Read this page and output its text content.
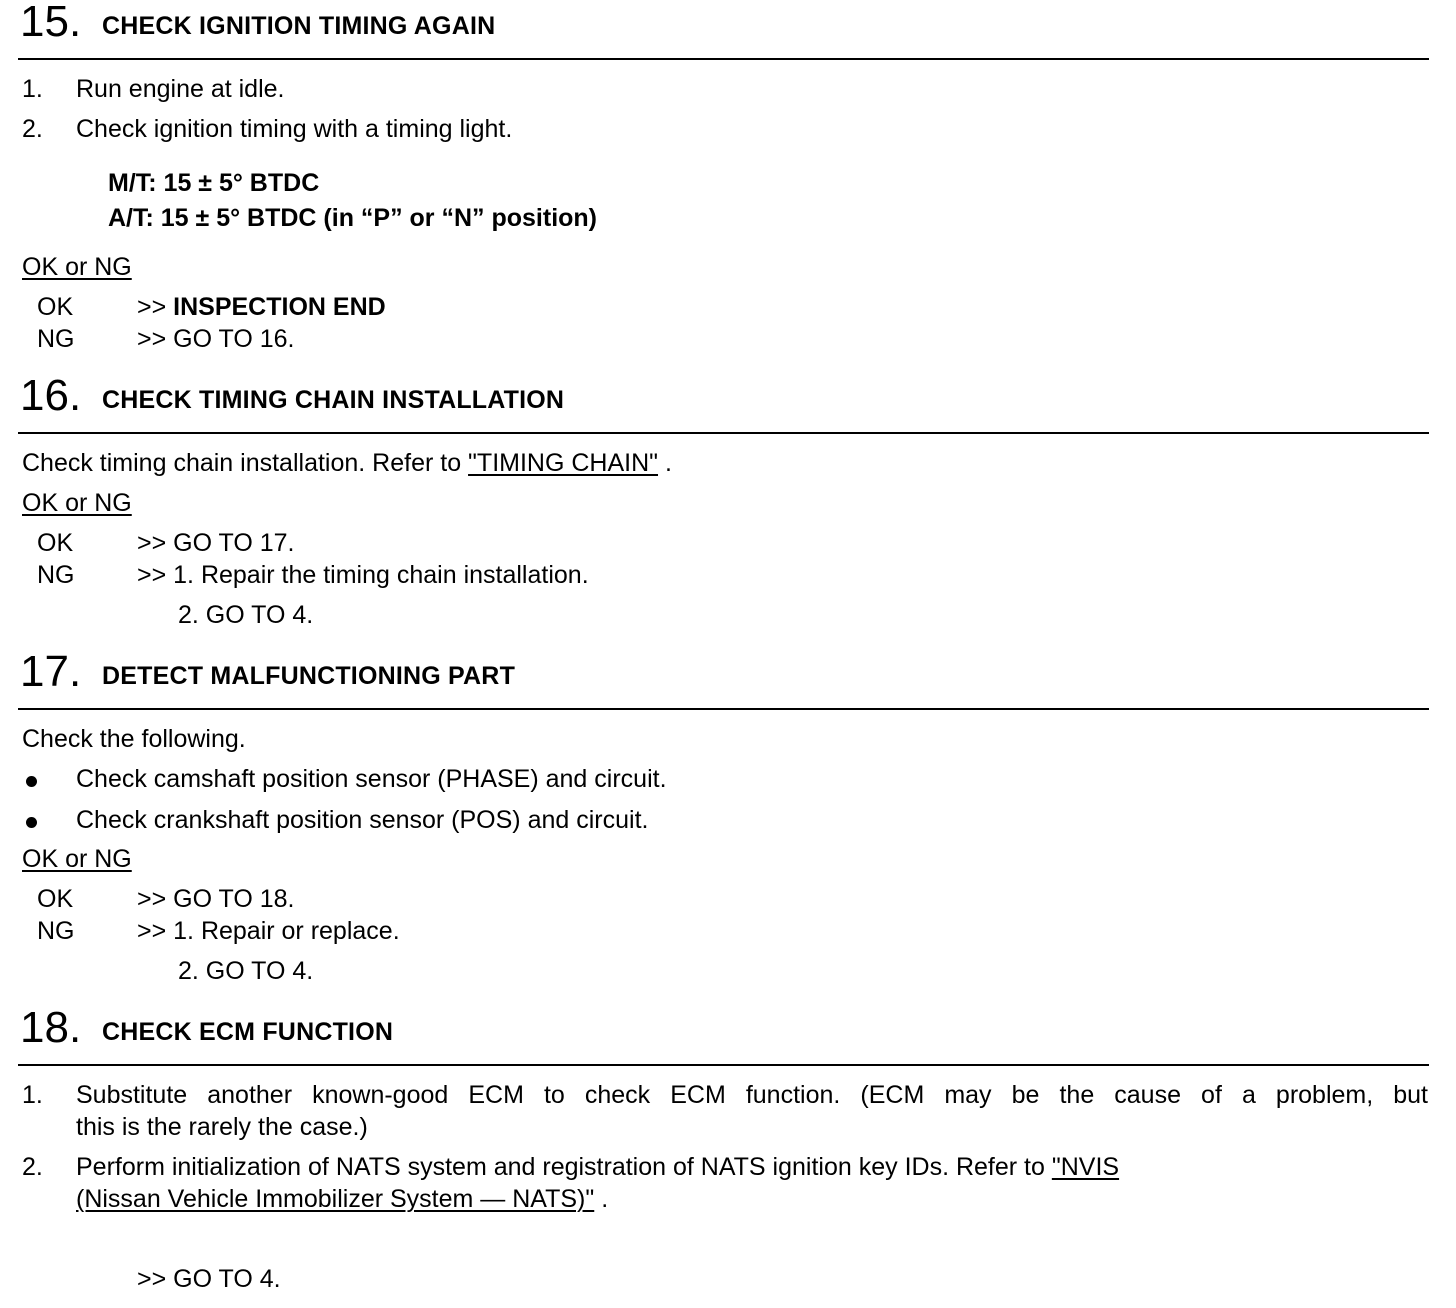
15. CHECK IGNITION TIMING AGAIN
1. Run engine at idle.
2. Check ignition timing with a timing light.
M/T: 15 ± 5° BTDC
A/T: 15 ± 5° BTDC (in “P” or “N” position)
OK or NG
OK	>> INSPECTION END
NG	>> GO TO 16.
16. CHECK TIMING CHAIN INSTALLATION
Check timing chain installation. Refer to "TIMING CHAIN" .
OK or NG
OK	>> GO TO 17.
NG	>> 1. Repair the timing chain installation.
2. GO TO 4.
17. DETECT MALFUNCTIONING PART
Check the following.
Check camshaft position sensor (PHASE) and circuit.
Check crankshaft position sensor (POS) and circuit.
OK or NG
OK	>> GO TO 18.
NG	>> 1. Repair or replace.
2. GO TO 4.
18. CHECK ECM FUNCTION
1. Substitute another known-good ECM to check ECM function. (ECM may be the cause of a problem, but
this is the rarely the case.)
2. Perform initialization of NATS system and registration of NATS ignition key IDs. Refer to "NVIS
(Nissan Vehicle Immobilizer System — NATS)" .
>> GO TO 4.
